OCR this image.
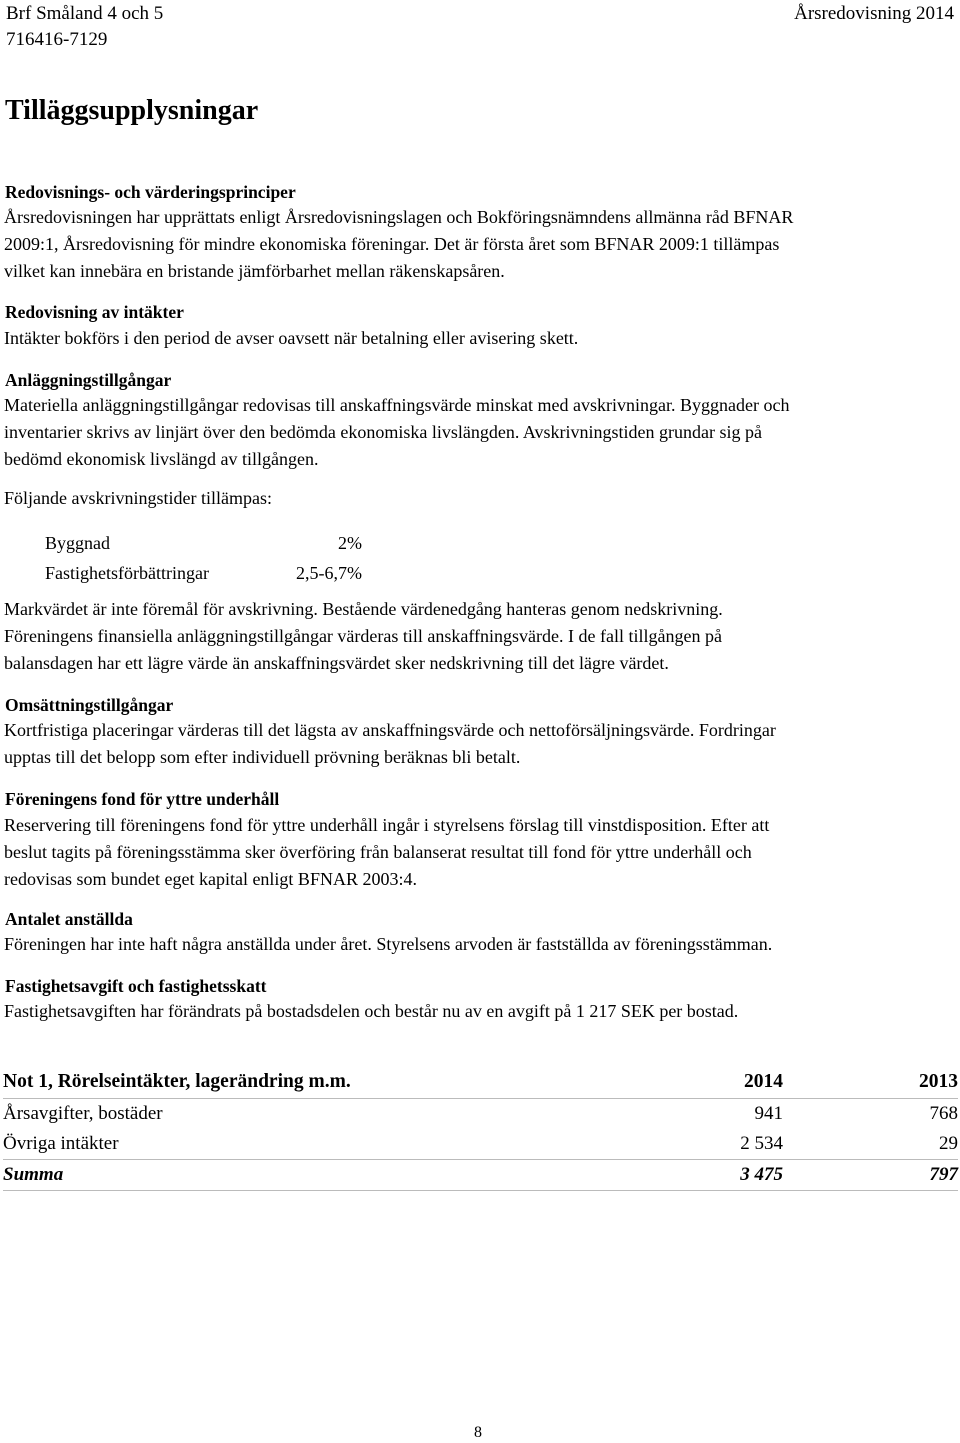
Brf Småland 4 och 5
716416-7129
Årsredovisning 2014
Tilläggsupplysningar
Redovisnings- och värderingsprinciper
Årsredovisningen har upprättats enligt Årsredovisningslagen och Bokföringsnämndens allmänna råd BFNAR
2009:1, Årsredovisning för mindre ekonomiska föreningar. Det är första året som BFNAR 2009:1 tillämpas
vilket kan innebära en bristande jämförbarhet mellan räkenskapsåren.
Redovisning av intäkter
Intäkter bokförs i den period de avser oavsett när betalning eller avisering skett.
Anläggningstillgångar
Materiella anläggningstillgångar redovisas till anskaffningsvärde minskat med avskrivningar. Byggnader och
inventarier skrivs av linjärt över den bedömda ekonomiska livslängden. Avskrivningstiden grundar sig på
bedömd ekonomisk livslängd av tillgången.
Följande avskrivningstider tillämpas:
Byggnad	2%
Fastighetsförbättringar	2,5-6,7%
Markvärdet är inte föremål för avskrivning. Bestående värdenedgång hanteras genom nedskrivning.
Föreningens finansiella anläggningstillgångar värderas till anskaffningsvärde. I de fall tillgången på
balansdagen har ett lägre värde än anskaffningsvärdet sker nedskrivning till det lägre värdet.
Omsättningstillgångar
Kortfristiga placeringar värderas till det lägsta av anskaffningsvärde och nettoförsäljningsvärde. Fordringar
upptas till det belopp som efter individuell prövning beräknas bli betalt.
Föreningens fond för yttre underhåll
Reservering till föreningens fond för yttre underhåll ingår i styrelsens förslag till vinstdisposition. Efter att
beslut tagits på föreningsstämma sker överföring från balanserat resultat till fond för yttre underhåll och
redovisas som bundet eget kapital enligt BFNAR 2003:4.
Antalet anställda
Föreningen har inte haft några anställda under året. Styrelsens arvoden är fastställda av föreningsstämman.
Fastighetsavgift och fastighetsskatt
Fastighetsavgiften har förändrats på bostadsdelen och består nu av en avgift på 1 217 SEK per bostad.
Not 1, Rörelseintäkter, lagerändring m.m.	2014	2013
Årsavgifter, bostäder	941	768
Övriga intäkter	2 534	29
Summa	3 475	797
8
